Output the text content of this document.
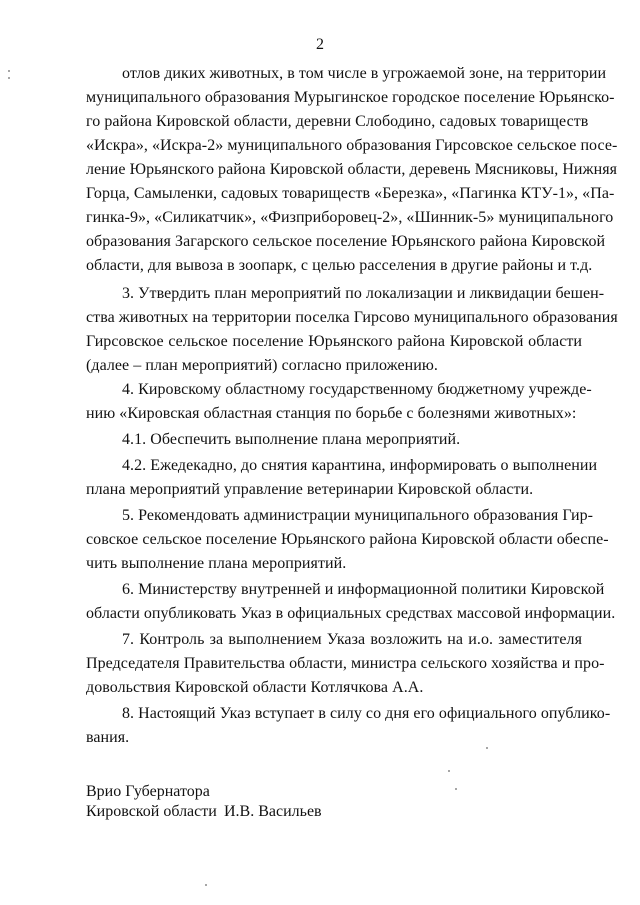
2
отлов диких животных, в том числе в угрожаемой зоне, на территории
муниципального образования Мурыгинское городское поселение Юрьянско-
го района Кировской области, деревни Слободино, садовых товариществ
«Искра», «Искра-2» муниципального образования Гирсовское сельское посе-
ление Юрьянского района Кировской области, деревень Мясниковы, Нижняя
Горца, Самыленки, садовых товариществ «Березка», «Пагинка КТУ-1», «Па-
гинка-9», «Силикатчик», «Физприборовец-2», «Шинник-5» муниципального
образования Загарского сельское поселение Юрьянского района Кировской
области, для вывоза в зоопарк, с целью расселения в другие районы и т.д.
3. Утвердить план мероприятий по локализации и ликвидации бешен-
ства животных на территории поселка Гирсово муниципального образования
Гирсовское сельское поселение Юрьянского района Кировской области
(далее – план мероприятий) согласно приложению.
4. Кировскому областному государственному бюджетному учрежде-
нию «Кировская областная станция по борьбе с болезнями животных»:
4.1. Обеспечить выполнение плана мероприятий.
4.2. Ежедекадно, до снятия карантина, информировать о выполнении
плана мероприятий управление ветеринарии Кировской области.
5. Рекомендовать администрации муниципального образования Гир-
совское сельское поселение Юрьянского района Кировской области обеспе-
чить выполнение плана мероприятий.
6. Министерству внутренней и информационной политики Кировской
области опубликовать Указ в официальных средствах массовой информации.
7. Контроль за выполнением Указа возложить на и.о. заместителя
Председателя Правительства области, министра сельского хозяйства и про-
довольствия Кировской области Котлячкова А.А.
8. Настоящий Указ вступает в силу со дня его официального опублико-
вания.
Врио Губернатора
Кировской области И.В. Васильев
